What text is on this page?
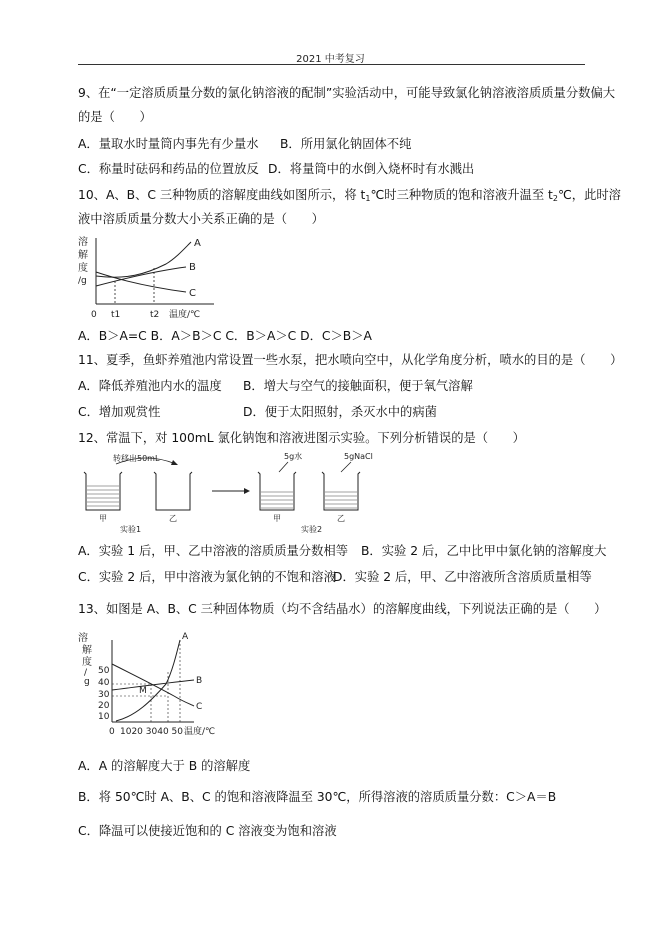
2021 中考复习
9、在“一定溶质质量分数的氯化钠溶液的配制”实验活动中，可能导致氯化钠溶液溶质质量分数偏大
的是（　　）
A．量取水时量筒内事先有少量水 B．所用氯化钠固体不纯
C．称量时砝码和药品的位置放反 D．将量筒中的水倒入烧杯时有水溅出
10、A、B、C 三种物质的溶解度曲线如图所示，将 $t_1℃$时三种物质的饱和溶液升温至 $t_2℃$，此时溶
液中溶质质量分数大小关系正确的是（　　）
溶
解
度
/g
A
B
C
0 t1	t2 温度/℃
A．B＞A=C B．A＞B＞C C．B＞A＞C D．C＞B＞A
11、夏季，鱼虾养殖池内常设置一些水泵，把水喷向空中，从化学角度分析，喷水的目的是（　　）
A．降低养殖池内水的温度 B．增大与空气的接触面积，便于氧气溶解
C．增加观赏性	D．便于太阳照射，杀灭水中的病菌
12、常温下，对 100mL 氯化钠饱和溶液进图示实验。下列分析错误的是（　　）
转移出50mL
甲	乙
实验1
5g水	5gNaCl
甲	乙
实验2
A．实验 1 后，甲、乙中溶液的溶质质量分数相等 B．实验 2 后，乙中比甲中氯化钠的溶解度大
C．实验 2 后，甲中溶液为氯化钠的不饱和溶液
D．实验 2 后，甲、乙中溶液所含溶质质量相等
13、如图是 A、B、C 三种固体物质（均不含结晶水）的溶解度曲线，下列说法正确的是（　　）
溶
解
度
/
g
50
40
30
20
10
M
A
B
C
0 1020 3040 50 温度/℃
A．A 的溶解度大于 B 的溶解度
B．将 50℃时 A、B、C 的饱和溶液降温至 30℃，所得溶液的溶质质量分数：C＞A＝B
C．降温可以使接近饱和的 C 溶液变为饱和溶液
